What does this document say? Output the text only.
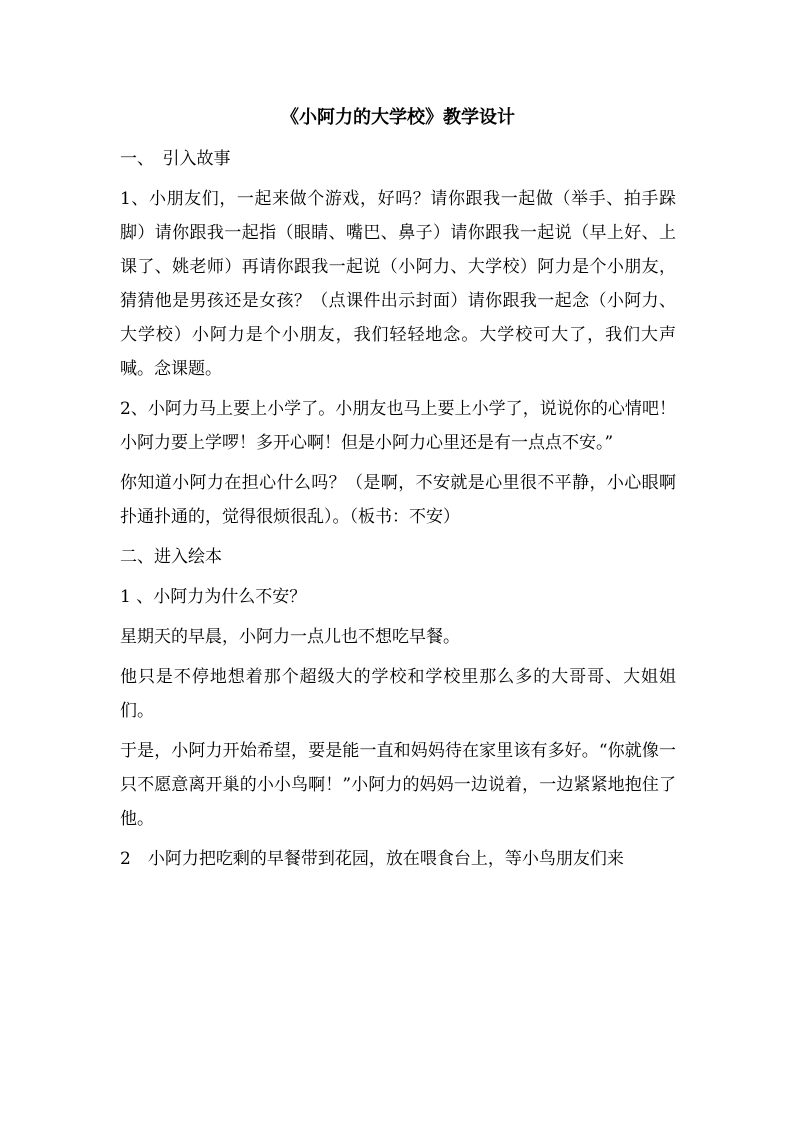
《小阿力的大学校》教学设计

一、　引入故事

1、小朋友们，一起来做个游戏，好吗？请你跟我一起做（举手、拍手跺脚）请你跟我一起指（眼睛、嘴巴、鼻子）请你跟我一起说（早上好、上课了、姚老师）再请你跟我一起说（小阿力、大学校）阿力是个小朋友，猜猜他是男孩还是女孩？（点课件出示封面）请你跟我一起念（小阿力、大学校）小阿力是个小朋友，我们轻轻地念。大学校可大了，我们大声喊。念课题。

2、小阿力马上要上小学了。小朋友也马上要上小学了，说说你的心情吧！小阿力要上学啰！多开心啊！但是小阿力心里还是有一点点不安。”

你知道小阿力在担心什么吗？（是啊，不安就是心里很不平静，小心眼啊扑通扑通的，觉得很烦很乱）。（板书：不安）

二、进入绘本

1 、小阿力为什么不安？

星期天的早晨，小阿力一点儿也不想吃早餐。

他只是不停地想着那个超级大的学校和学校里那么多的大哥哥、大姐姐们。

于是，小阿力开始希望，要是能一直和妈妈待在家里该有多好。“你就像一只不愿意离开巢的小小鸟啊！”小阿力的妈妈一边说着，一边紧紧地抱住了他。

2　小阿力把吃剩的早餐带到花园，放在喂食台上，等小鸟朋友们来
